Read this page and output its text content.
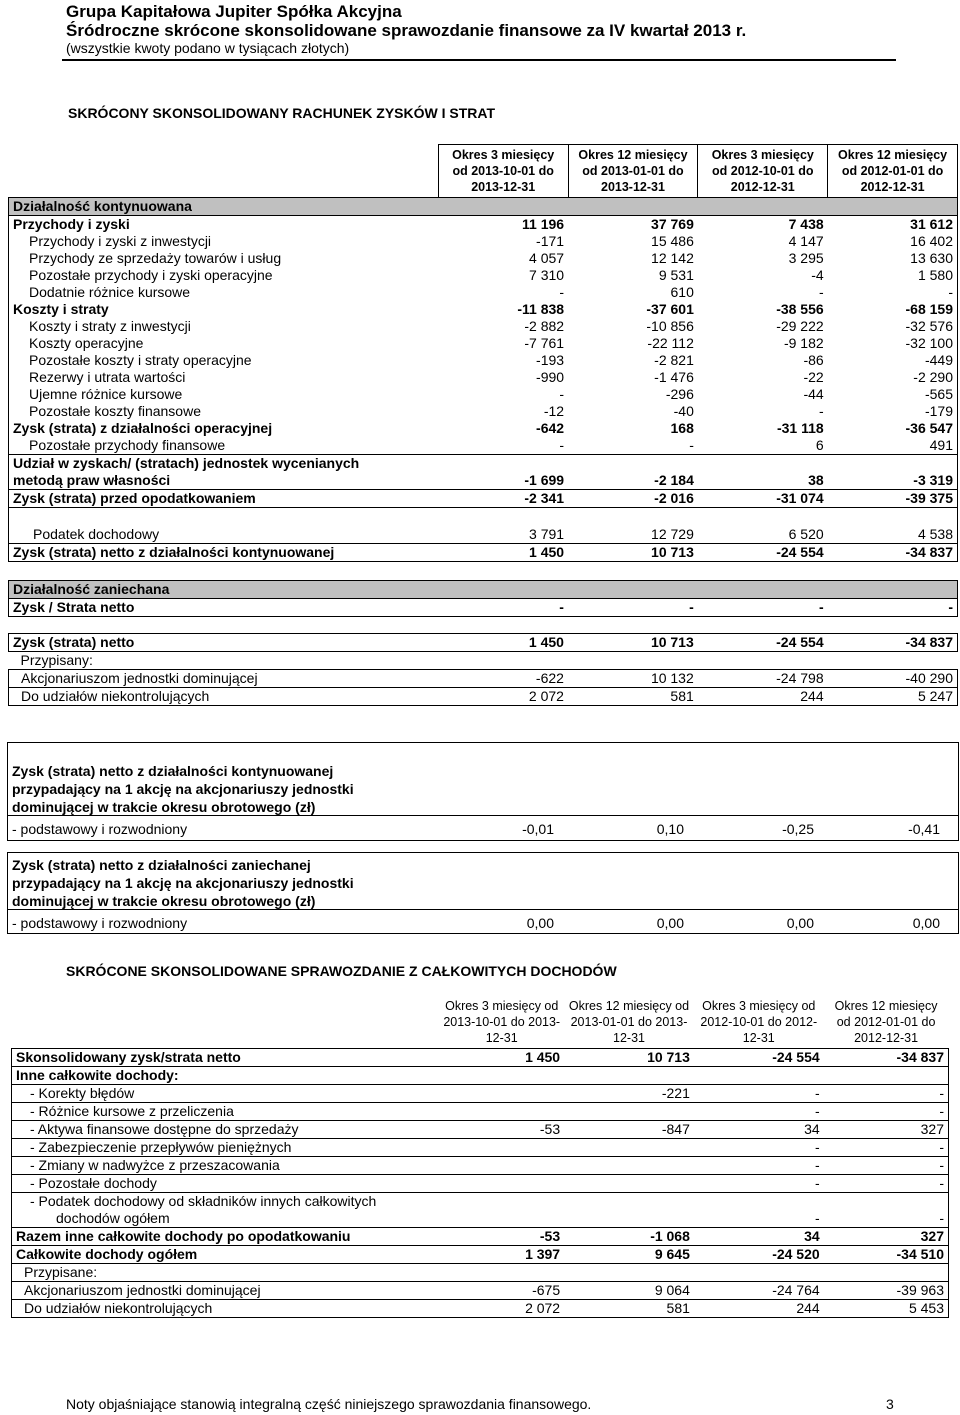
Grupa Kapitałowa Jupiter Spółka Akcyjna
Śródroczne skrócone skonsolidowane sprawozdanie finansowe za IV kwartał 2013 r.
(wszystkie kwoty podano w tysiącach złotych)
SKRÓCONY SKONSOLIDOWANY RACHUNEK ZYSKÓW I STRAT
	Okres 3 miesięcy od 2013-10-01 do 2013-12-31	Okres 12 miesięcy od 2013-01-01 do 2013-12-31	Okres 3 miesięcy od 2012-10-01 do 2012-12-31	Okres 12 miesięcy od 2012-01-01 do 2012-12-31
Działalność kontynuowana				
Przychody i zyski	11 196	37 769	7 438	31 612
Przychody i zyski z inwestycji	-171	15 486	4 147	16 402
Przychody ze sprzedaży towarów i usług	4 057	12 142	3 295	13 630
Pozostałe przychody i zyski operacyjne	7 310	9 531	-4	1 580
Dodatnie różnice kursowe	-	610	-	-
Koszty i straty	-11 838	-37 601	-38 556	-68 159
Koszty i straty z inwestycji	-2 882	-10 856	-29 222	-32 576
Koszty operacyjne	-7 761	-22 112	-9 182	-32 100
Pozostałe koszty i straty operacyjne	-193	-2 821	-86	-449
Rezerwy i utrata wartości	-990	-1 476	-22	-2 290
Ujemne różnice kursowe	-	-296	-44	-565
Pozostałe koszty finansowe	-12	-40	-	-179
Zysk (strata) z działalności operacyjnej	-642	168	-31 118	-36 547
Pozostałe przychody finansowe	-	-	6	491
Udział w zyskach/ (stratach) jednostek wycenianych				
metodą praw własności	-1 699	-2 184	38	-3 319
Zysk (strata) przed opodatkowaniem	-2 341	-2 016	-31 074	-39 375

Podatek dochodowy	3 791	12 729	6 520	4 538
Zysk (strata) netto z działalności kontynuowanej	1 450	10 713	-24 554	-34 837
Działalność zaniechana
Zysk / Strata netto	-	-	-	-
Zysk (strata) netto	1 450	10 713	-24 554	-34 837
Przypisany:				
Akcjonariuszom jednostki dominującej	-622	10 132	-24 798	-40 290
Do udziałów niekontrolujących	2 072	581	244	5 247
Zysk (strata) netto z działalności kontynuowanej
przypadający na 1 akcję na akcjonariuszy jednostki
dominującej w trakcie okresu obrotowego (zł)
- podstawowy i rozwodniony	-0,01	0,10	-0,25	-0,41
Zysk (strata) netto z działalności zaniechanej
przypadający na 1 akcję na akcjonariuszy jednostki
dominującej w trakcie okresu obrotowego (zł)
- podstawowy i rozwodniony	0,00	0,00	0,00	0,00
SKRÓCONE SKONSOLIDOWANE SPRAWOZDANIE Z CAŁKOWITYCH DOCHODÓW
	Okres 3 miesięcy od 2013-10-01 do 2013-12-31	Okres 12 miesięcy od 2013-01-01 do 2013-12-31	Okres 3 miesięcy od 2012-10-01 do 2012-12-31	Okres 12 miesięcy od 2012-01-01 do 2012-12-31
Skonsolidowany zysk/strata netto	1 450	10 713	-24 554	-34 837
Inne całkowite dochody:				
- Korekty błędów		-221	-	-
- Różnice kursowe z przeliczenia			-	-
- Aktywa finansowe dostępne do sprzedaży	-53	-847	34	327
- Zabezpieczenie przepływów pieniężnych			-	-
- Zmiany w nadwyżce z przeszacowania			-	-
- Pozostałe dochody			-	-
- Podatek dochodowy od składników innych całkowitych				
dochodów ogółem			-	-
Razem inne całkowite dochody po opodatkowaniu	-53	-1 068	34	327
Całkowite dochody ogółem	1 397	9 645	-24 520	-34 510
Przypisane:				
Akcjonariuszom jednostki dominującej	-675	9 064	-24 764	-39 963
Do udziałów niekontrolujących	2 072	581	244	5 453
Noty objaśniające stanowią integralną część niniejszego sprawozdania finansowego.	3
